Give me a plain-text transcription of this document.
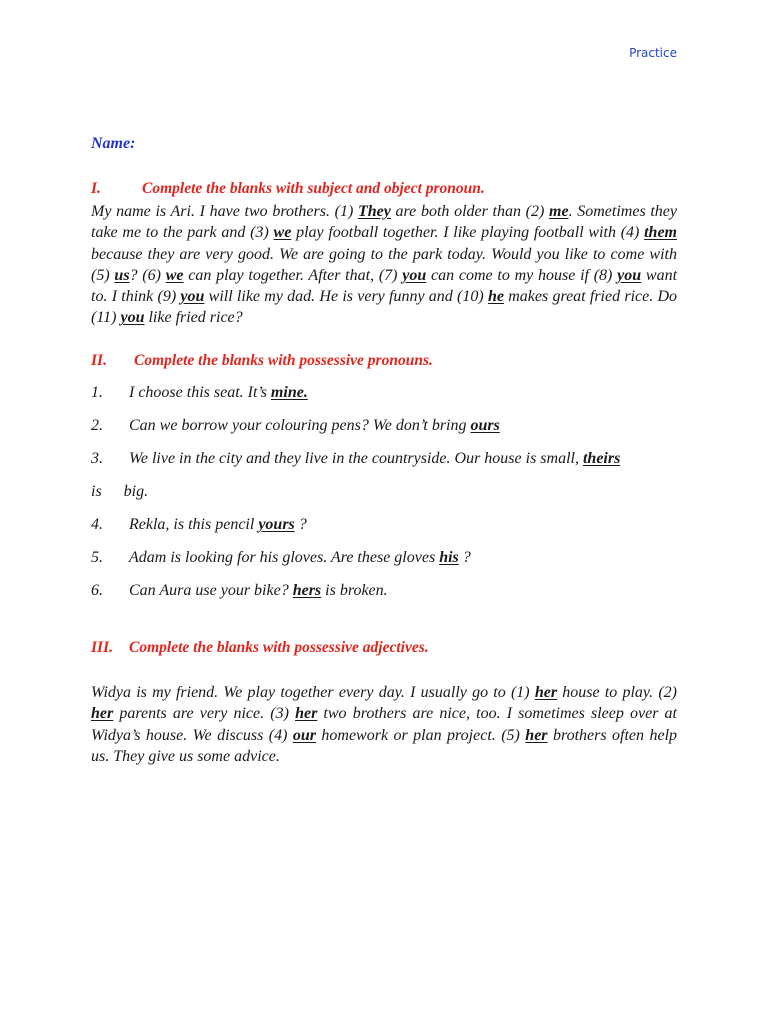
Practice
Name:
I.	Complete the blanks with subject and object pronoun.

My name is Ari. I have two brothers. (1) They are both older than (2) me. Sometimes they take me to the park and (3) we play football together. I like playing football with (4) them because they are very good. We are going to the park today. Would you like to come with (5) us? (6) we can play together. After that, (7) you can come to my house if (8) you want to. I think (9) you will like my dad. He is very funny and (10) he makes great fried rice. Do (11) you like fried rice?

II. Complete the blanks with possessive pronouns.
1. I choose this seat. It’s mine.
2. Can we borrow your colouring pens? We don’t bring ours
3. We live in the city and they live in the countryside. Our house is small, theirs
is big.
4. Rekla, is this pencil yours ?
5. Adam is looking for his gloves. Are these gloves his ?
6. Can Aura use your bike? hers is broken.
III. Complete the blanks with possessive adjectives.

Widya is my friend. We play together every day. I usually go to (1) her house to play. (2) her parents are very nice. (3) her two brothers are nice, too. I sometimes sleep over at Widya’s house. We discuss (4) our homework or plan project. (5) her brothers often help us. They give us some advice.
